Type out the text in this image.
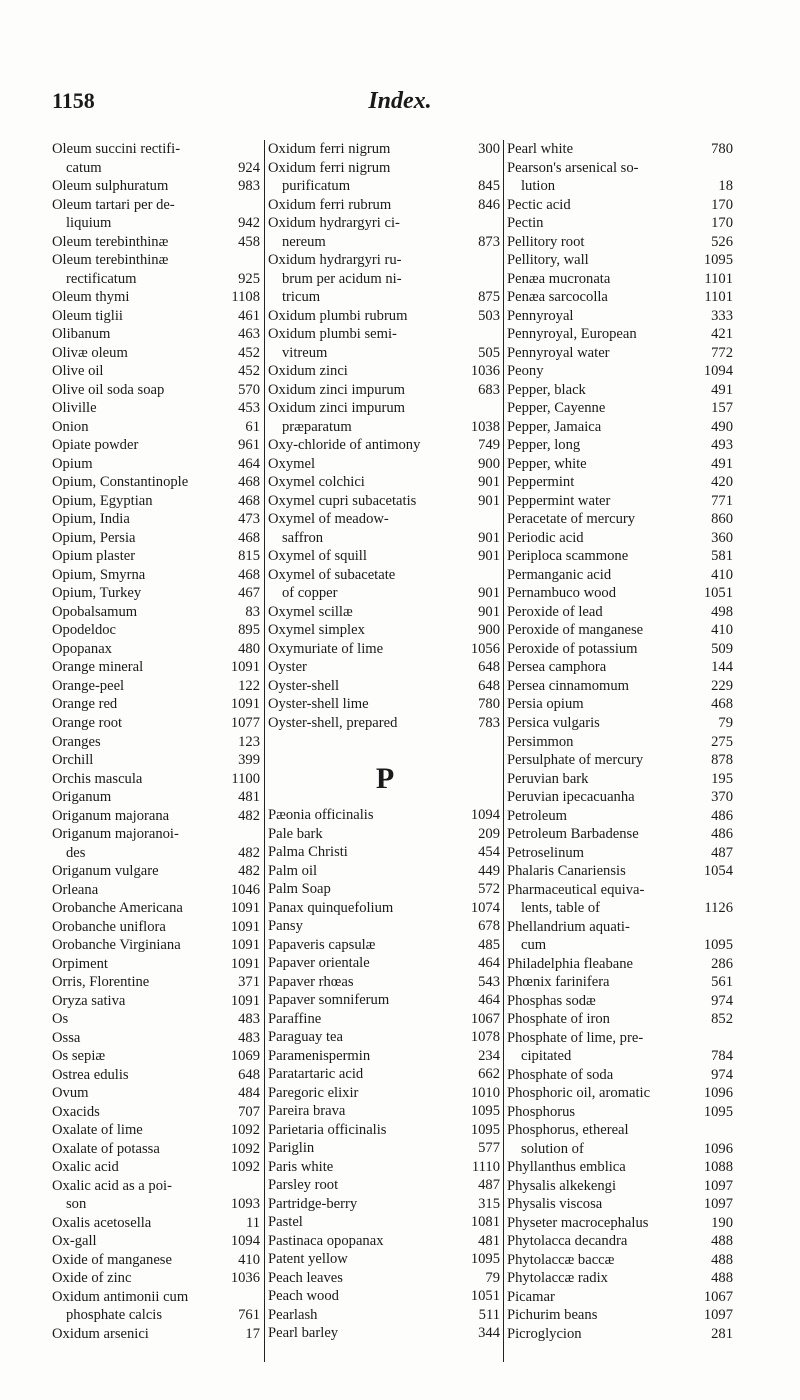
1158	Index.
Oleum succini rectifi-
catum	924
Oleum sulphuratum	983
Oleum tartari per de-
liquium	942
Oleum terebinthinæ	458
Oleum terebinthinæ
rectificatum	925
Oleum thymi	1108
Oleum tiglii	461
Olibanum	463
Olivæ oleum	452
Olive oil	452
Olive oil soda soap	570
Oliville	453
Onion	61
Opiate powder	961
Opium	464
Opium, Constantinople	468
Opium, Egyptian	468
Opium, India	473
Opium, Persia	468
Opium plaster	815
Opium, Smyrna	468
Opium, Turkey	467
Opobalsamum	83
Opodeldoc	895
Opopanax	480
Orange mineral	1091
Orange-peel	122
Orange red	1091
Orange root	1077
Oranges	123
Orchill	399
Orchis mascula	1100
Origanum	481
Origanum majorana	482
Origanum majoranoi-
des	482
Origanum vulgare	482
Orleana	1046
Orobanche Americana	1091
Orobanche uniflora	1091
Orobanche Virginiana	1091
Orpiment	1091
Orris, Florentine	371
Oryza sativa	1091
Os	483
Ossa	483
Os sepiæ	1069
Ostrea edulis	648
Ovum	484
Oxacids	707
Oxalate of lime	1092
Oxalate of potassa	1092
Oxalic acid	1092
Oxalic acid as a poi-
son	1093
Oxalis acetosella	11
Ox-gall	1094
Oxide of manganese	410
Oxide of zinc	1036
Oxidum antimonii cum
phosphate calcis	761
Oxidum arsenici	17
Oxidum ferri nigrum	300
Oxidum ferri nigrum
purificatum	845
Oxidum ferri rubrum	846
Oxidum hydrargyri ci-
nereum	873
Oxidum hydrargyri ru-
brum per acidum ni-
tricum	875
Oxidum plumbi rubrum	503
Oxidum plumbi semi-
vitreum	505
Oxidum zinci	1036
Oxidum zinci impurum	683
Oxidum zinci impurum
præparatum	1038
Oxy-chloride of antimony	749
Oxymel	900
Oxymel colchici	901
Oxymel cupri subacetatis	901
Oxymel of meadow-
saffron	901
Oxymel of squill	901
Oxymel of subacetate
of copper	901
Oxymel scillæ	901
Oxymel simplex	900
Oxymuriate of lime	1056
Oyster	648
Oyster-shell	648
Oyster-shell lime	780
Oyster-shell, prepared	783
P
Pæonia officinalis	1094
Pale bark	209
Palma Christi	454
Palm oil	449
Palm Soap	572
Panax quinquefolium	1074
Pansy	678
Papaveris capsulæ	485
Papaver orientale	464
Papaver rhœas	543
Papaver somniferum	464
Paraffine	1067
Paraguay tea	1078
Paramenispermin	234
Paratartaric acid	662
Paregoric elixir	1010
Pareira brava	1095
Parietaria officinalis	1095
Pariglin	577
Paris white	1110
Parsley root	487
Partridge-berry	315
Pastel	1081
Pastinaca opopanax	481
Patent yellow	1095
Peach leaves	79
Peach wood	1051
Pearlash	511
Pearl barley	344
Pearl white	780
Pearson's arsenical so-
lution	18
Pectic acid	170
Pectin	170
Pellitory root	526
Pellitory, wall	1095
Penæa mucronata	1101
Penæa sarcocolla	1101
Pennyroyal	333
Pennyroyal, European	421
Pennyroyal water	772
Peony	1094
Pepper, black	491
Pepper, Cayenne	157
Pepper, Jamaica	490
Pepper, long	493
Pepper, white	491
Peppermint	420
Peppermint water	771
Peracetate of mercury	860
Periodic acid	360
Periploca scammone	581
Permanganic acid	410
Pernambuco wood	1051
Peroxide of lead	498
Peroxide of manganese	410
Peroxide of potassium	509
Persea camphora	144
Persea cinnamomum	229
Persia opium	468
Persica vulgaris	79
Persimmon	275
Persulphate of mercury	878
Peruvian bark	195
Peruvian ipecacuanha	370
Petroleum	486
Petroleum Barbadense	486
Petroselinum	487
Phalaris Canariensis	1054
Pharmaceutical equiva-
lents, table of	1126
Phellandrium aquati-
cum	1095
Philadelphia fleabane	286
Phœnix farinifera	561
Phosphas sodæ	974
Phosphate of iron	852
Phosphate of lime, pre-
cipitated	784
Phosphate of soda	974
Phosphoric oil, aromatic	1096
Phosphorus	1095
Phosphorus, ethereal
solution of	1096
Phyllanthus emblica	1088
Physalis alkekengi	1097
Physalis viscosa	1097
Physeter macrocephalus	190
Phytolacca decandra	488
Phytolaccæ baccæ	488
Phytolaccæ radix	488
Picamar	1067
Pichurim beans	1097
Picroglycion	281
